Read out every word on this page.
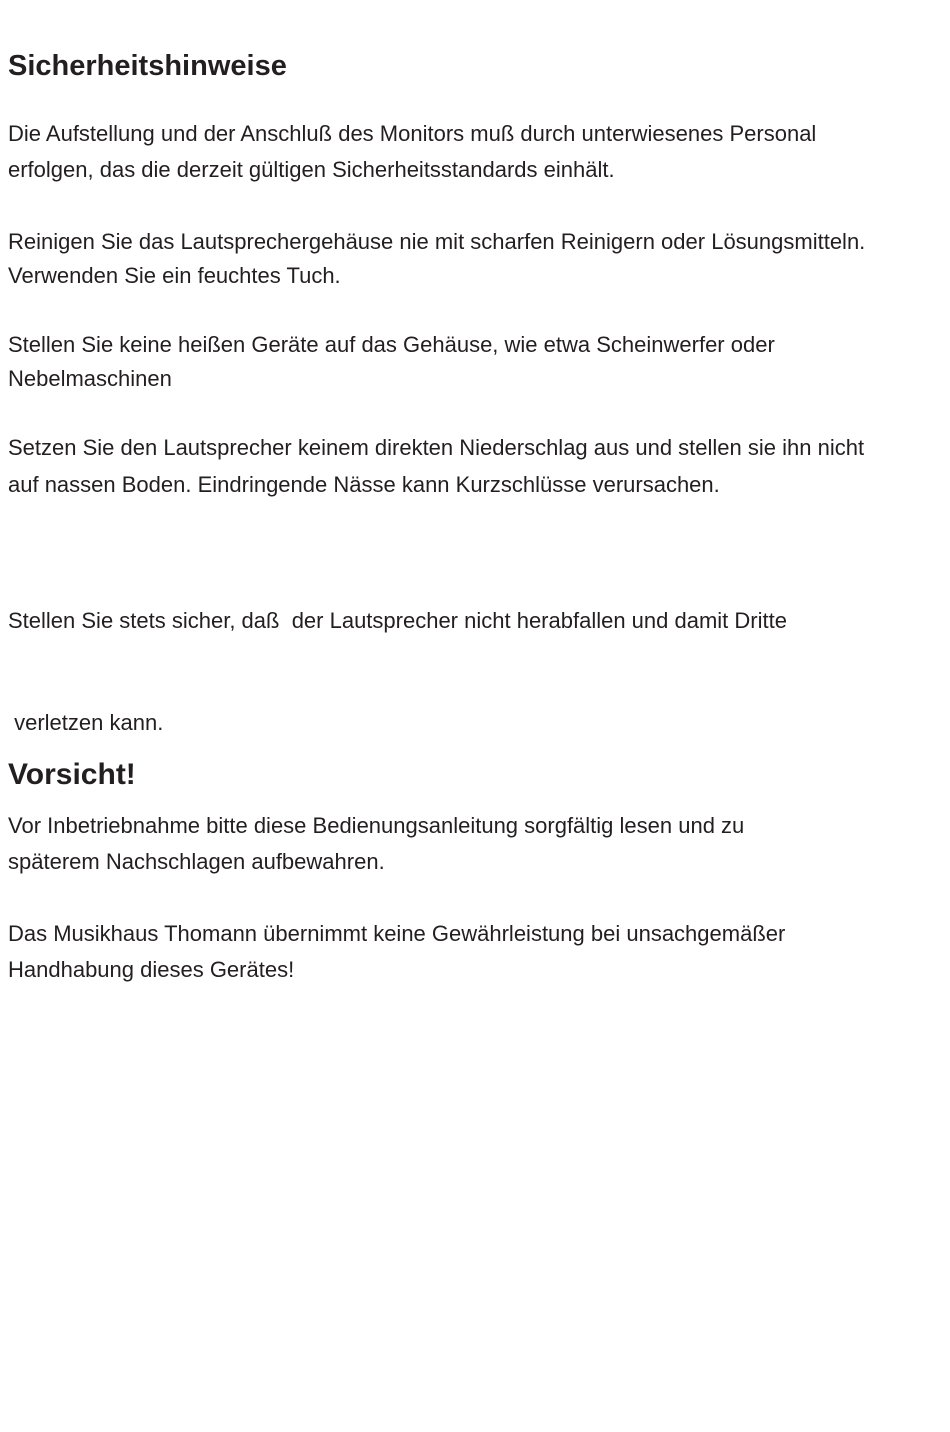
Sicherheitshinweise

Die Aufstellung und der Anschluß des Monitors muß durch unterwiesenes Personal
erfolgen, das die derzeit gültigen Sicherheitsstandards einhält.

Reinigen Sie das Lautsprechergehäuse nie mit scharfen Reinigern oder Lösungsmitteln.
Verwenden Sie ein feuchtes Tuch.

Stellen Sie keine heißen Geräte auf das Gehäuse, wie etwa Scheinwerfer oder
Nebelmaschinen

Setzen Sie den Lautsprecher keinem direkten Niederschlag aus und stellen sie ihn nicht
auf nassen Boden. Eindringende Nässe kann Kurzschlüsse verursachen.

Stellen Sie stets sicher, daß  der Lautsprecher nicht herabfallen und damit Dritte

verletzen kann.

Vorsicht!

Vor Inbetriebnahme bitte diese Bedienungsanleitung sorgfältig lesen und zu
späterem Nachschlagen aufbewahren.

Das Musikhaus Thomann übernimmt keine Gewährleistung bei unsachgemäßer
Handhabung dieses Gerätes!
